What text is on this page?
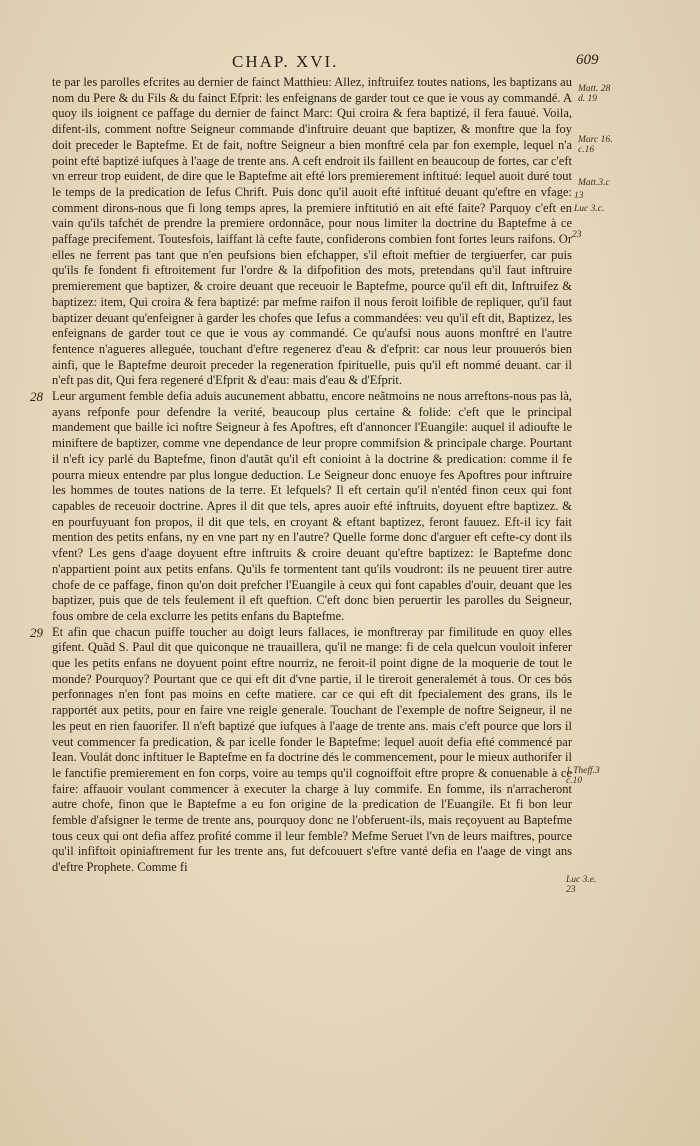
CHAP. XVI.	609

te par les parolles efcrites au dernier de fainct Matthieu: Allez, inftruifez toutes nations, les baptizans au nom du Pere & du Fils & du fainct Efprit: les enfeignans de garder tout ce que ie vous ay commandé. A quoy ils ioignent ce paffage du dernier de fainct Marc: Qui croira & fera baptizé, il fera fauué. Voila, difent-ils, comment noftre Seigneur commande d'inftruire deuant que baptizer, & monftre que la foy doit preceder le Baptefme. Et de fait, noftre Seigneur a bien monftré cela par fon exemple, lequel n'a point efté baptizé iufques à l'aage de trente ans. A ceft endroit ils faillent en beaucoup de fortes, car c'eft vn erreur trop euident, de dire que le Baptefme ait efté lors premierement inftitué: lequel auoit duré tout le temps de la predication de Iefus Chrift. Puis donc qu'il auoit efté inftitué deuant qu'eftre en vfage: comment dirons-nous que fi long temps apres, la premiere inftitutió en ait efté faite? Parquoy c'eft en vain qu'ils tafchét de prendre la premiere ordonnãce, pour nous limiter la doctrine du Baptefme à ce paffage precifement. Toutesfois, laiffant là cefte faute, confiderons combien font fortes leurs raifons. Or elles ne ferrent pas tant que n'en peufsions bien efchapper, s'il eftoit meftier de tergiuerfer, car puis qu'ils fe fondent fi eftroitement fur l'ordre & la difpofition des mots, pretendans qu'il faut inftruire premierement que baptizer, & croire deuant que receuoir le Baptefme, pource qu'il eft dit, Inftruifez & baptizez: item, Qui croira & fera baptizé: par mefme raifon il nous feroit loifible de repliquer, qu'il faut baptizer deuant qu'enfeigner à garder les chofes que Iefus a commandées: veu qu'il eft dit, Baptizez, les enfeignans de garder tout ce que ie vous ay commandé. Ce qu'aufsi nous auons monftré en l'autre fentence n'agueres alleguée, touchant d'eftre regenerez d'eau & d'efprit: car nous leur prouuerós bien ainfi, que le Baptefme deuroit preceder la regeneration fpirituelle, puis qu'il eft nommé deuant. car il n'eft pas dit, Qui fera regeneré d'Efprit & d'eau: mais d'eau & d'Efprit.

28 Leur argument femble defia aduis aucunement abbattu, encore neãtmoins ne nous arreftons-nous pas là, ayans refponfe pour defendre la verité, beaucoup plus certaine & folide: c'eft que le principal mandement que baille ici noftre Seigneur à fes Apoftres, eft d'annoncer l'Euangile: auquel il adioufte le miniftere de baptizer, comme vne dependance de leur propre commifsion & principale charge. Pourtant il n'eft icy parlé du Baptefme, finon d'autãt qu'il eft conioint à la doctrine & predication: comme il fe pourra mieux entendre par plus longue deduction. Le Seigneur donc enuoye fes Apoftres pour inftruire les hommes de toutes nations de la terre. Et lefquels? Il eft certain qu'il n'entéd finon ceux qui font capables de receuoir doctrine. Apres il dit que tels, apres auoir efté inftruits, doyuent eftre baptizez. & en pourfuyuant fon propos, il dit que tels, en croyant & eftant baptizez, feront fauuez. Eft-il icy fait mention des petits enfans, ny en vne part ny en l'autre? Quelle forme donc d'arguer eft cefte-cy dont ils vfent? Les gens d'aage doyuent eftre inftruits & croire deuant qu'eftre baptizez: le Baptefme donc n'appartient point aux petits enfans. Qu'ils fe tormentent tant qu'ils voudront: ils ne peuuent tirer autre chofe de ce paffage, finon qu'on doit prefcher l'Euangile à ceux qui font capables d'ouir, deuant que les baptizer, puis que de tels feulement il eft queftion. C'eft donc bien peruertir les parolles du Seigneur, fous ombre de cela exclurre les petits enfans du Baptefme.

29 Et afin que chacun puiffe toucher au doigt leurs fallaces, ie monftreray par fimilitude en quoy elles gifent. Quãd S. Paul dit que quiconque ne trauaillera, qu'il ne mange: fi de cela quelcun vouloit inferer que les petits enfans ne doyuent point eftre nourriz, ne feroit-il point digne de la moquerie de tout le monde? Pourquoy? Pourtant que ce qui eft dit d'vne partie, il le tireroit generalemét à tous. Or ces bós perfonnages n'en font pas moins en cefte matiere. car ce qui eft dit fpecialement des grans, ils le rapportét aux petits, pour en faire vne reigle generale. Touchant de l'exemple de noftre Seigneur, il ne les peut en rien fauorifer. Il n'eft baptizé que iufques à l'aage de trente ans. mais c'eft pource que lors il veut commencer fa predication, & par icelle fonder le Baptefme: lequel auoit defia efté commencé par Iean. Voulát donc inftituer le Baptefme en fa doctrine dés le commencement, pour le mieux authorifer il le fanctifie premierement en fon corps, voire au temps qu'il cognoiffoit eftre propre & conuenable à ce faire: affauoir voulant commencer à executer la charge à luy commife. En fomme, ils n'arracheront autre chofe, finon que le Baptefme a eu fon origine de la predication de l'Euangile. Et fi bon leur femble d'afsigner le terme de trente ans, pourquoy donc ne l'obferuent-ils, mais reçoyuent au Baptefme tous ceux qui ont defia affez profité comme il leur femble? Mefme Seruet l'vn de leurs maiftres, pource qu'il infiftoit opiniaftrement fur les trente ans, fut defcouuert s'eftre vanté defia en l'aage de vingt ans d'eftre Prophete. Comme fi

Matt. 28
d. 19
Marc 16.
c.16
Matt.3.c
13
Luc 3.c.
23
1.Theff.3
c.10
Luc 3.e.
23
